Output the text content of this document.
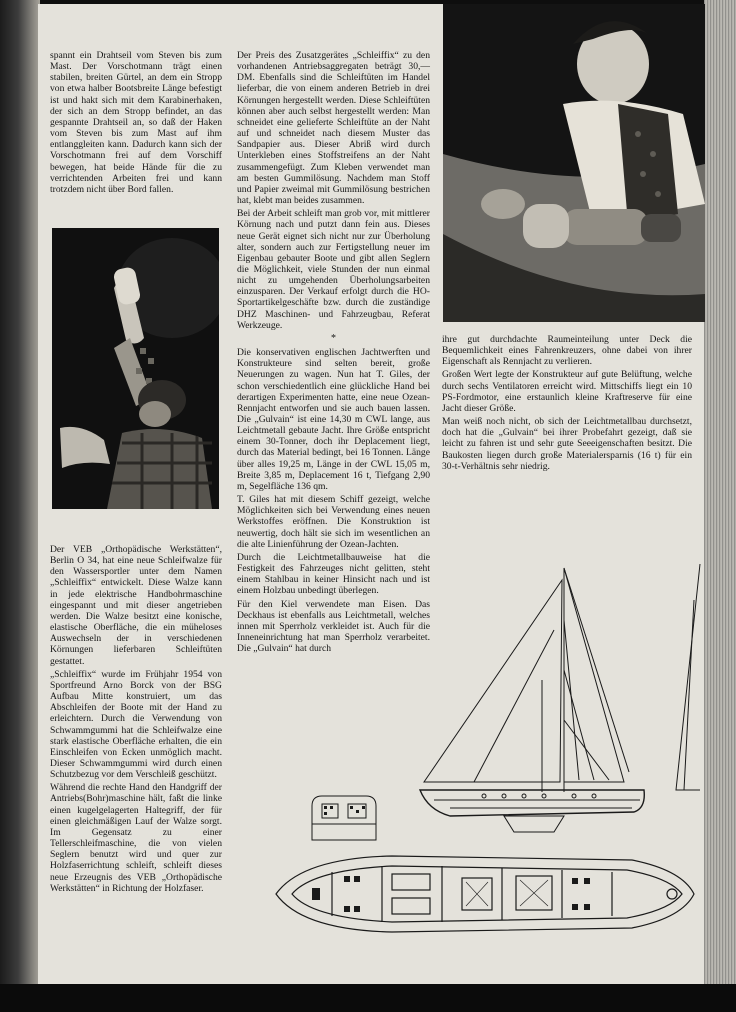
spannt ein Drahtseil vom Steven bis zum Mast. Der Vorschotmann trägt einen stabilen, breiten Gürtel, an dem ein Stropp von etwa halber Bootsbreite Länge befestigt ist und hakt sich mit dem Karabinerhaken, der sich an dem Stropp befindet, an das gespannte Drahtseil an, so daß der Haken vom Steven bis zum Mast auf ihm entlanggleiten kann. Dadurch kann sich der Vorschotmann frei auf dem Vorschiff bewegen, hat beide Hände für die zu verrichtenden Arbeiten frei und kann trotzdem nicht über Bord fallen.

Der VEB „Orthopädische Werkstätten“, Berlin O 34, hat eine neue Schleifwalze für den Wassersportler unter dem Namen „Schleiffix“ entwickelt. Diese Walze kann in jede elektrische Handbohrmaschine eingespannt und mit dieser angetrieben werden. Die Walze besitzt eine konische, elastische Oberfläche, die ein müheloses Auswechseln der in verschiedenen Körnungen lieferbaren Schleiftüten gestattet.

„Schleiffix“ wurde im Frühjahr 1954 von Sportfreund Arno Borck von der BSG Aufbau Mitte konstruiert, um das Abschleifen der Boote mit der Hand zu erleichtern. Durch die Verwendung von Schwammgummi hat die Schleifwalze eine stark elastische Oberfläche erhalten, die ein Einschleifen von Ecken unmöglich macht. Dieser Schwammgummi wird durch einen Schutzbezug vor dem Verschleiß geschützt.

Während die rechte Hand den Handgriff der Antriebs(Bohr)maschine hält, faßt die linke einen kugelgelagerten Haltegriff, der für einen gleichmäßigen Lauf der Walze sorgt. Im Gegensatz zu einer Tellerschleifmaschine, die von vielen Seglern benutzt wird und quer zur Holzfaserrichtung schleift, schleift dieses neue Erzeugnis des VEB „Orthopädische Werkstätten“ in Richtung der Holzfaser.

Der Preis des Zusatzgerätes „Schleiffix“ zu den vorhandenen Antriebsaggregaten beträgt 30,— DM. Ebenfalls sind die Schleiftüten im Handel lieferbar, die von einem anderen Betrieb in drei Körnungen hergestellt werden. Diese Schleiftüten können aber auch selbst hergestellt werden: Man schneidet eine gelieferte Schleiftüte an der Naht auf und schneidet nach diesem Muster das Sandpapier aus. Dieser Abriß wird durch Unterkleben eines Stoffstreifens an der Naht zusammengefügt. Zum Kleben verwendet man am besten Gummilösung. Nachdem man Stoff und Papier zweimal mit Gummilösung bestrichen hat, klebt man beides zusammen.

Bei der Arbeit schleift man grob vor, mit mittlerer Körnung nach und putzt dann fein aus. Dieses neue Gerät eignet sich nicht nur zur Überholung alter, sondern auch zur Fertigstellung neuer im Eigenbau gebauter Boote und gibt allen Seglern die Möglichkeit, viele Stunden der nun einmal nicht zu umgehenden Überholungsarbeiten einzusparen. Der Verkauf erfolgt durch die HO-Sportartikelgeschäfte bzw. durch die zuständige DHZ Maschinen- und Fahrzeugbau, Referat Werkzeuge.

*

Die konservativen englischen Jachtwerften und Konstrukteure sind selten bereit, große Neuerungen zu wagen. Nun hat T. Giles, der schon verschiedentlich eine glückliche Hand bei derartigen Experimenten hatte, eine neue Ozean-Rennjacht entworfen und sie auch bauen lassen. Die „Gulvain“ ist eine 14,30 m CWL lange, aus Leichtmetall gebaute Jacht. Ihre Größe entspricht einem 30-Tonner, doch ihr Deplacement liegt, durch das Material bedingt, bei 16 Tonnen. Länge über alles 19,25 m, Länge in der CWL 15,05 m, Breite 3,85 m, Deplacement 16 t, Tiefgang 2,90 m, Segelfläche 136 qm.

T. Giles hat mit diesem Schiff gezeigt, welche Möglichkeiten sich bei Verwendung eines neuen Werkstoffes eröffnen. Die Konstruktion ist neuwertig, doch hält sie sich im wesentlichen an die alte Linienführung der Ozean-Jachten.

Durch die Leichtmetallbauweise hat die Festigkeit des Fahrzeuges nicht gelitten, steht einem Stahlbau in keiner Hinsicht nach und ist einem Holzbau unbedingt überlegen.

Für den Kiel verwendete man Eisen. Das Deckhaus ist ebenfalls aus Leichtmetall, welches innen mit Sperrholz verkleidet ist. Auch für die Inneneinrichtung hat man Sperrholz verarbeitet. Die „Gulvain“ hat durch

ihre gut durchdachte Raumeinteilung unter Deck die Bequemlichkeit eines Fahrenkreuzers, ohne dabei von ihrer Eigenschaft als Rennjacht zu verlieren.

Großen Wert legte der Konstrukteur auf gute Belüftung, welche durch sechs Ventilatoren erreicht wird. Mittschiffs liegt ein 10 PS-Fordmotor, eine erstaunlich kleine Kraftreserve für eine Jacht dieser Größe.

Man weiß noch nicht, ob sich der Leichtmetallbau durchsetzt, doch hat die „Gulvain“ bei ihrer Probefahrt gezeigt, daß sie leicht zu fahren ist und sehr gute Seeeigenschaften besitzt. Die Baukosten liegen durch große Materialersparnis (16 t) für ein 30-t-Verhältnis sehr niedrig.
